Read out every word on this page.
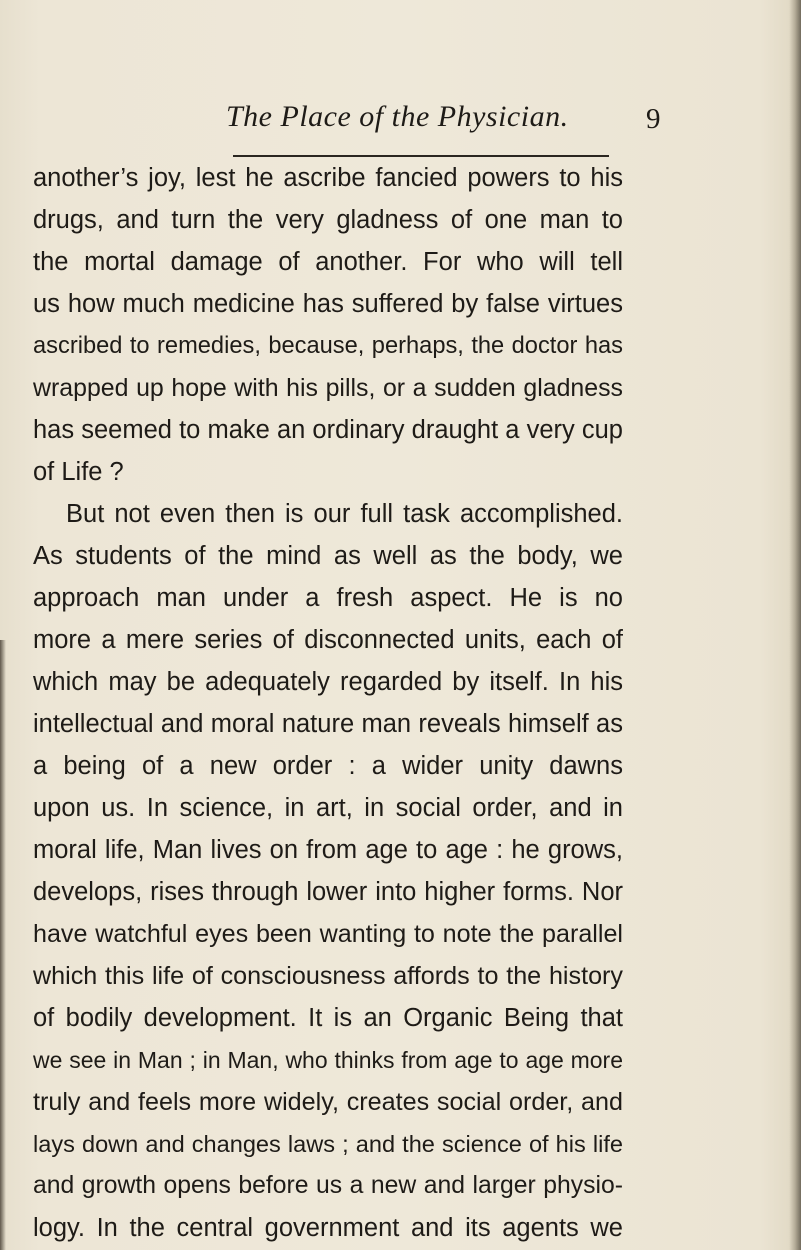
The Place of the Physician.	9
another’s joy, lest he ascribe fancied powers to his
drugs, and turn the very gladness of one man to
the mortal damage of another. For who will tell
us how much medicine has suffered by false virtues
ascribed to remedies, because, perhaps, the doctor has
wrapped up hope with his pills, or a sudden gladness
has seemed to make an ordinary draught a very cup
of Life ?
But not even then is our full task accomplished.
As students of the mind as well as the body, we
approach man under a fresh aspect. He is no
more a mere series of disconnected units, each of
which may be adequately regarded by itself. In his
intellectual and moral nature man reveals himself as
a being of a new order : a wider unity dawns
upon us. In science, in art, in social order, and in
moral life, Man lives on from age to age : he grows,
develops, rises through lower into higher forms. Nor
have watchful eyes been wanting to note the parallel
which this life of consciousness affords to the history
of bodily development. It is an Organic Being that
we see in Man ; in Man, who thinks from age to age more
truly and feels more widely, creates social order, and
lays down and changes laws ; and the science of his life
and growth opens before us a new and larger physio-
logy. In the central government and its agents we
